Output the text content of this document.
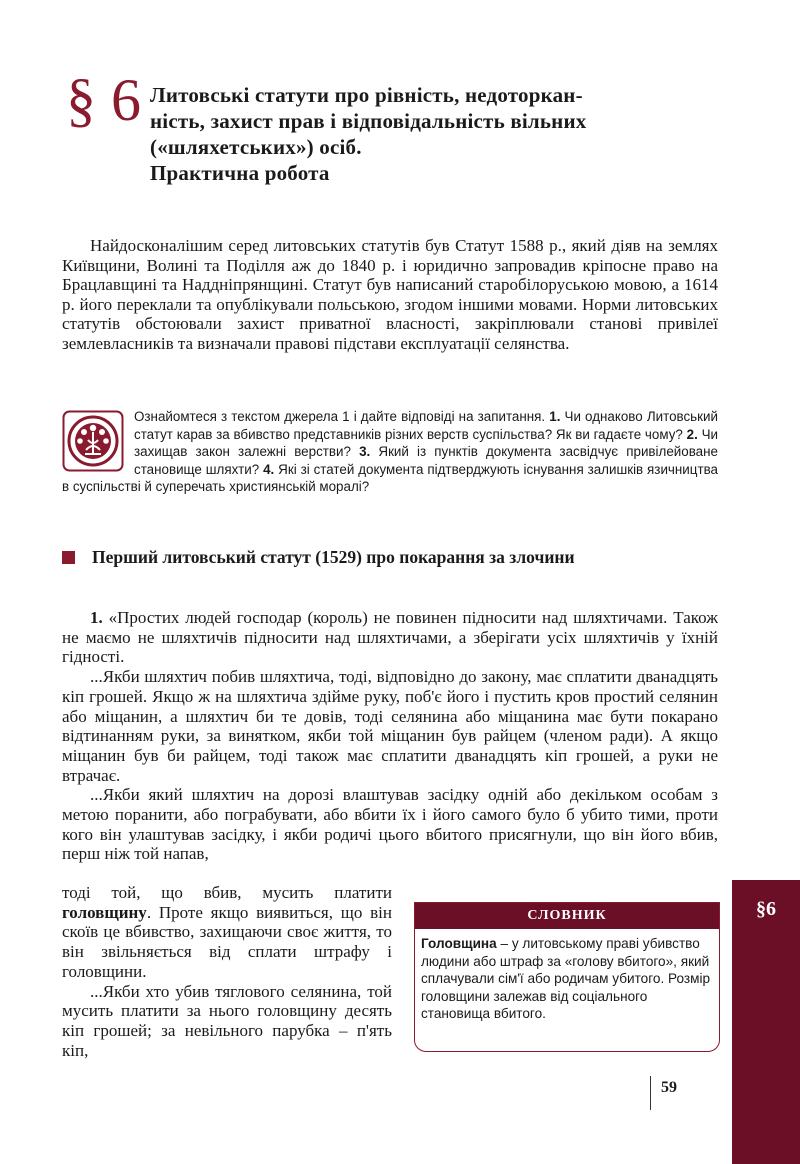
§ 6 Литовські статути про рівність, недоторкан-
ність, захист прав і відповідальність вільних
(«шляхетських») осіб.
Практична робота
Найдосконалішим серед литовських статутів був Статут 1588 р., який діяв на землях Київщини, Волині та Поділля аж до 1840 р. і юридично запровадив кріпосне право на Брацлавщині та Наддніпрянщині. Статут був написаний старобілоруською мовою, а 1614 р. його переклали та опублікували польською, згодом іншими мовами. Норми литовських статутів обстоювали захист приватної власності, закріплювали станові привілеї землевласників та визначали правові підстави експлуатації селянства.
Ознайомтеся з текстом джерела 1 і дайте відповіді на запитання. 1. Чи однаково Литовський статут карав за вбивство представників різних верств суспільства? Як ви гадаєте чому? 2. Чи захищав закон залежні верстви? 3. Який із пунктів документа засвідчує привілейоване становище шляхти? 4. Які зі статей документа підтверджують існування залишків язичництва в суспільстві й суперечать християнській моралі?
Перший литовський статут (1529) про покарання за злочини

1. «Простих людей господар (король) не повинен підносити над шляхтичами. Також не маємо не шляхтичів підносити над шляхтичами, а зберігати усіх шляхтичів у їхній гідності.

...Якби шляхтич побив шляхтича, тоді, відповідно до закону, має сплатити дванадцять кіп грошей. Якщо ж на шляхтича здійме руку, поб'є його і пустить кров простий селянин або міщанин, а шляхтич би те довів, тоді селянина або міщанина має бути покарано відтинанням руки, за винятком, якби той міщанин був райцем (членом ради). А якщо міщанин був би райцем, тоді також має сплатити дванадцять кіп грошей, а руки не втрачає.

...Якби який шляхтич на дорозі влаштував засідку одній або декільком особам з метою поранити, або пограбувати, або вбити їх і його самого було б убито тими, проти кого він улаштував засідку, і якби родичі цього вбитого присягнули, що він його вбив, перш ніж той напав,

тоді той, що вбив, мусить платити головщину. Проте якщо виявиться, що він скоїв це вбивство, захищаючи своє життя, то він звільняється від сплати штрафу і головщини.

...Якби хто убив тяглового селянина, той мусить платити за нього головщину десять кіп грошей; за невільного парубка – п'ять кіп,

СЛОВНИК
Головщина – у литовському праві убивство людини або штраф за «голову вбитого», який сплачували сім'ї або родичам убитого. Розмір головщини залежав від соціального становища вбитого.
§6
59
